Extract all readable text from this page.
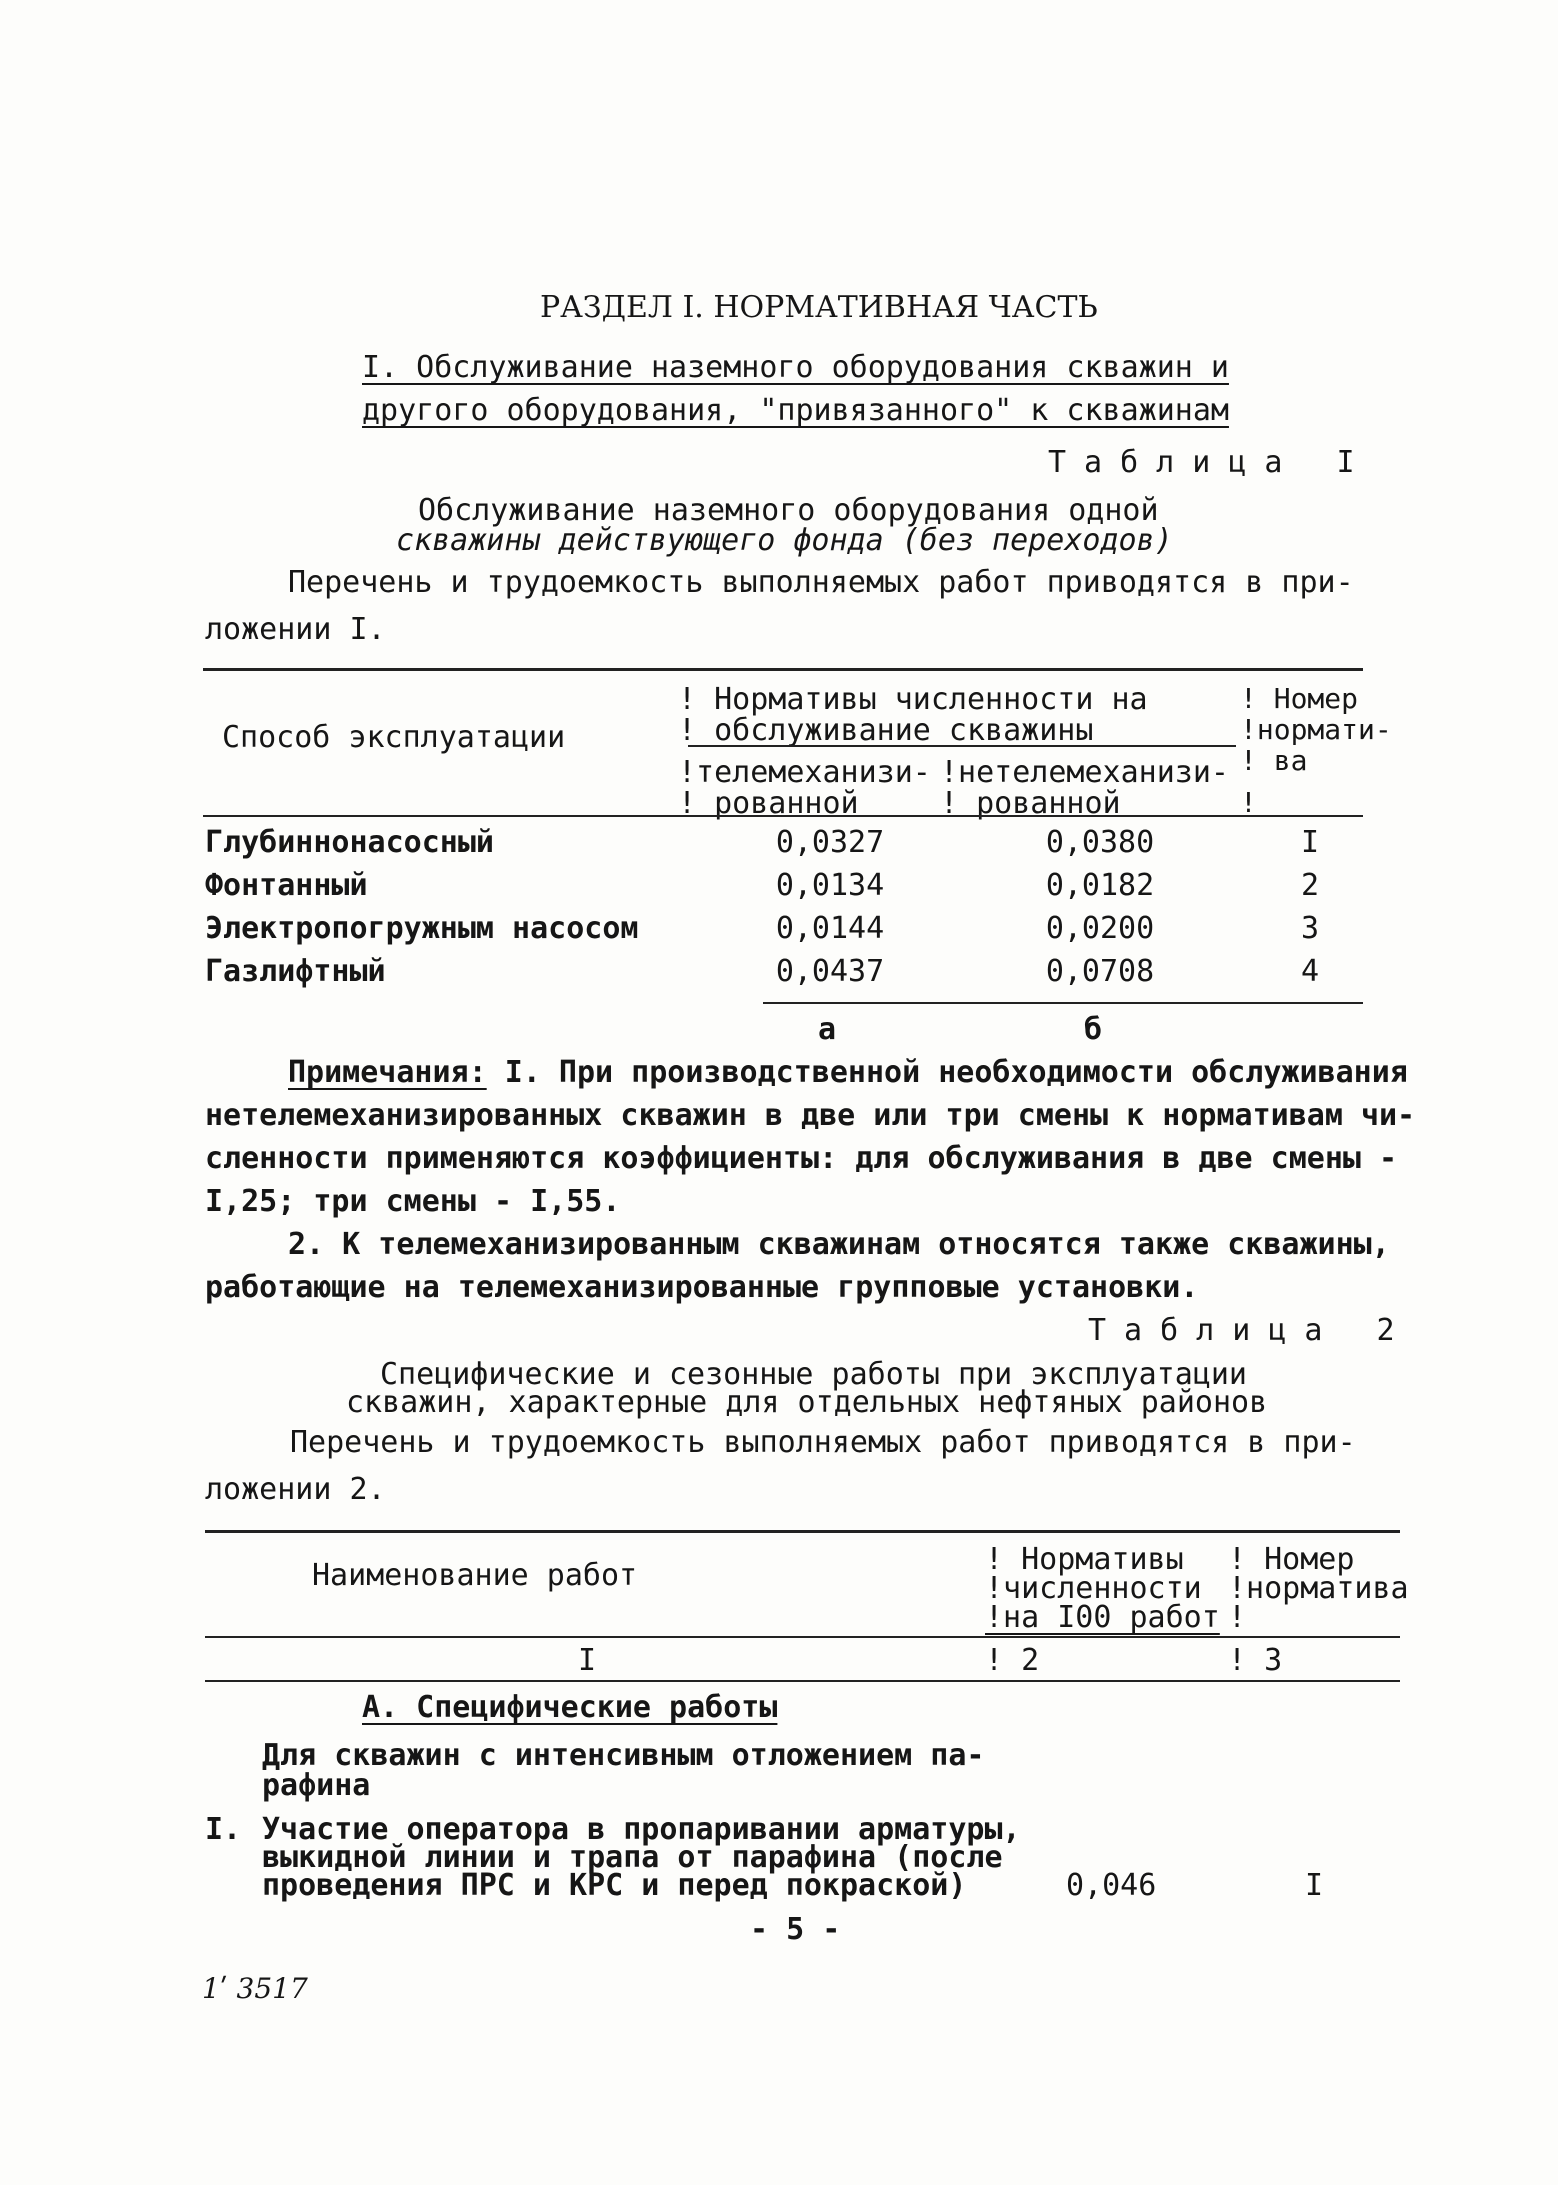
РАЗДЕЛ I. НОРМАТИВНАЯ ЧАСТЬ
I. Обслуживание наземного оборудования скважин и
другого оборудования, "привязанного" к скважинам
Таблица I
Обслуживание наземного оборудования одной
скважины действующего фонда (без переходов)
Перечень и трудоемкость выполняемых работ приводятся в при-
ложении I.
Способ эксплуатации
! Нормативы численности на
! обслуживание скважины
!телемеханизи-
! рованной
!нетелемеханизи-
! рованной
! Номер
!нормати-
! ва
!
Глубиннонасосный	0,0327	0,0380	I
Фонтанный	0,0134	0,0182	2
Электропогружным насосом	0,0144	0,0200	3
Газлифтный	0,0437	0,0708	4
а	б
Примечания: I. При производственной необходимости обслуживания
нетелемеханизированных скважин в две или три смены к нормативам чи-
сленности применяются коэффициенты: для обслуживания в две смены -
I,25; три смены - I,55.
2. К телемеханизированным скважинам относятся также скважины,
работающие на телемеханизированные групповые установки.
Таблица 2
Специфические и сезонные работы при эксплуатации
скважин, характерные для отдельных нефтяных районов
Перечень и трудоемкость выполняемых работ приводятся в при-
ложении 2.
Наименование работ	! Нормативы
!численности
!на I00 работ
! Номер
!норматива
!
I	! 2	! 3
А. Специфические работы
Для скважин с интенсивным отложением па-
рафина
I. Участие оператора в пропаривании арматуры,
выкидной линии и трапа от парафина (после
проведения ПРС и КРС и перед покраской)	0,046	I
- 5 -
1ʹ 3517
